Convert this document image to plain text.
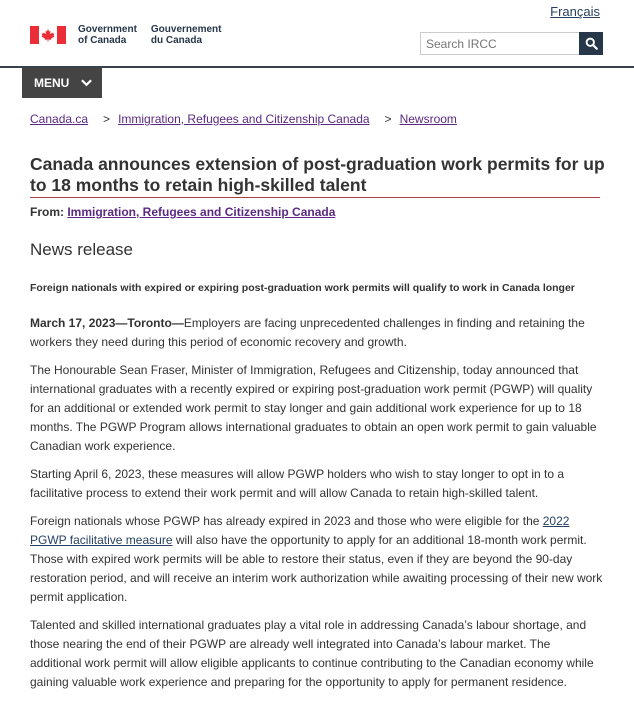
Français
Government
of Canada
Gouvernement
du Canada
Search IRCC
MENU
Canada.ca > Immigration, Refugees and Citizenship Canada > Newsroom
Canada announces extension of post-graduation work permits for up to 18 months to retain high-skilled talent
From: Immigration, Refugees and Citizenship Canada
News release

Foreign nationals with expired or expiring post-graduation work permits will qualify to work in Canada longer

March 17, 2023—Toronto—Employers are facing unprecedented challenges in finding and retaining the workers they need during this period of economic recovery and growth.

The Honourable Sean Fraser, Minister of Immigration, Refugees and Citizenship, today announced that international graduates with a recently expired or expiring post-graduation work permit (PGWP) will quality for an additional or extended work permit to stay longer and gain additional work experience for up to 18 months. The PGWP Program allows international graduates to obtain an open work permit to gain valuable Canadian work experience.

Starting April 6, 2023, these measures will allow PGWP holders who wish to stay longer to opt in to a facilitative process to extend their work permit and will allow Canada to retain high-skilled talent.

Foreign nationals whose PGWP has already expired in 2023 and those who were eligible for the 2022 PGWP facilitative measure will also have the opportunity to apply for an additional 18-month work permit. Those with expired work permits will be able to restore their status, even if they are beyond the 90-day restoration period, and will receive an interim work authorization while awaiting processing of their new work permit application.

Talented and skilled international graduates play a vital role in addressing Canada’s labour shortage, and those nearing the end of their PGWP are already well integrated into Canada’s labour market. The additional work permit will allow eligible applicants to continue contributing to the Canadian economy while gaining valuable work experience and preparing for the opportunity to apply for permanent residence.
